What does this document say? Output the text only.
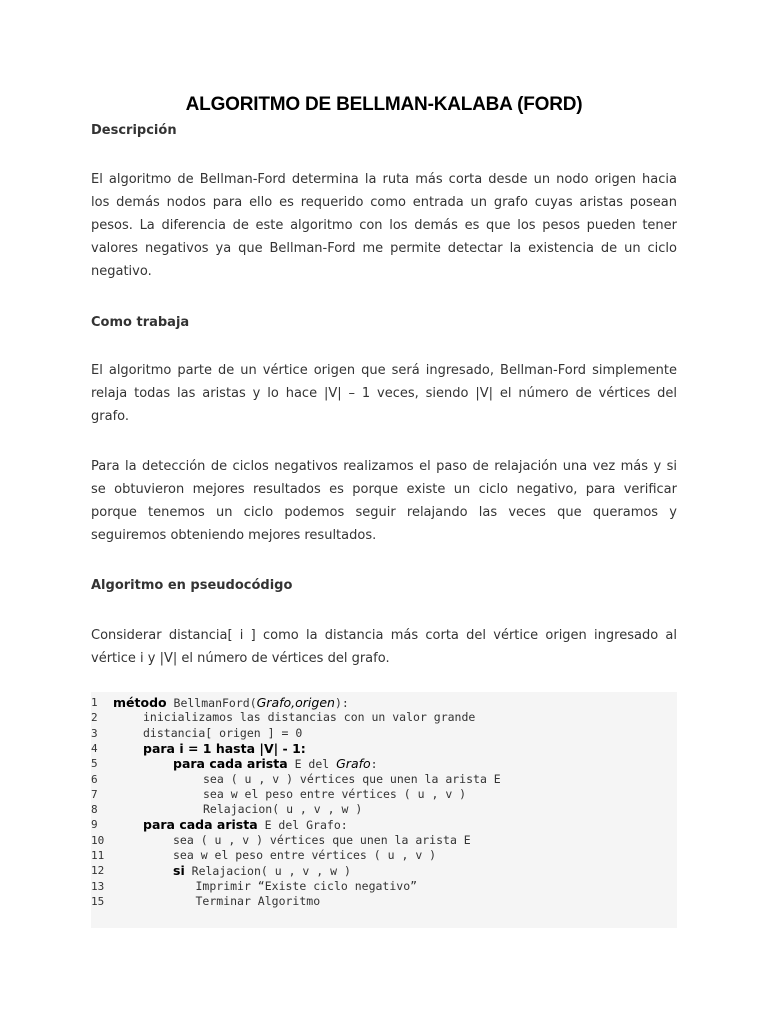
ALGORITMO DE BELLMAN-KALABA (FORD)
Descripción
El algoritmo de Bellman-Ford determina la ruta más corta desde un nodo origen hacia
los demás nodos para ello es requerido como entrada un grafo cuyas aristas posean
pesos. La diferencia de este algoritmo con los demás es que los pesos pueden tener
valores negativos ya que Bellman-Ford me permite detectar la existencia de un ciclo
negativo.
Como trabaja
El algoritmo parte de un vértice origen que será ingresado, Bellman-Ford simplemente
relaja todas las aristas y lo hace |V| – 1 veces, siendo |V| el número de vértices del
grafo.
Para la detección de ciclos negativos realizamos el paso de relajación una vez más y si
se obtuvieron mejores resultados es porque existe un ciclo negativo, para verificar
porque tenemos un ciclo podemos seguir relajando las veces que queramos y
seguiremos obteniendo mejores resultados.
Algoritmo en pseudocódigo
Considerar distancia[ i ] como la distancia más corta del vértice origen ingresado al
vértice i y |V| el número de vértices del grafo.
1	método BellmanFord(Grafo,origen):
2	inicializamos las distancias con un valor grande
3	distancia[ origen ] = 0
4	para i = 1 hasta |V| - 1:
5	para cada arista E del Grafo:
6	sea ( u , v ) vértices que unen la arista E
7	sea w el peso entre vértices ( u , v )
8	Relajacion( u , v , w )
9	para cada arista E del Grafo:
10	sea ( u , v ) vértices que unen la arista E
11	sea w el peso entre vértices ( u , v )
12	si Relajacion( u , v , w )
13	Imprimir “Existe ciclo negativo”
15	Terminar Algoritmo
